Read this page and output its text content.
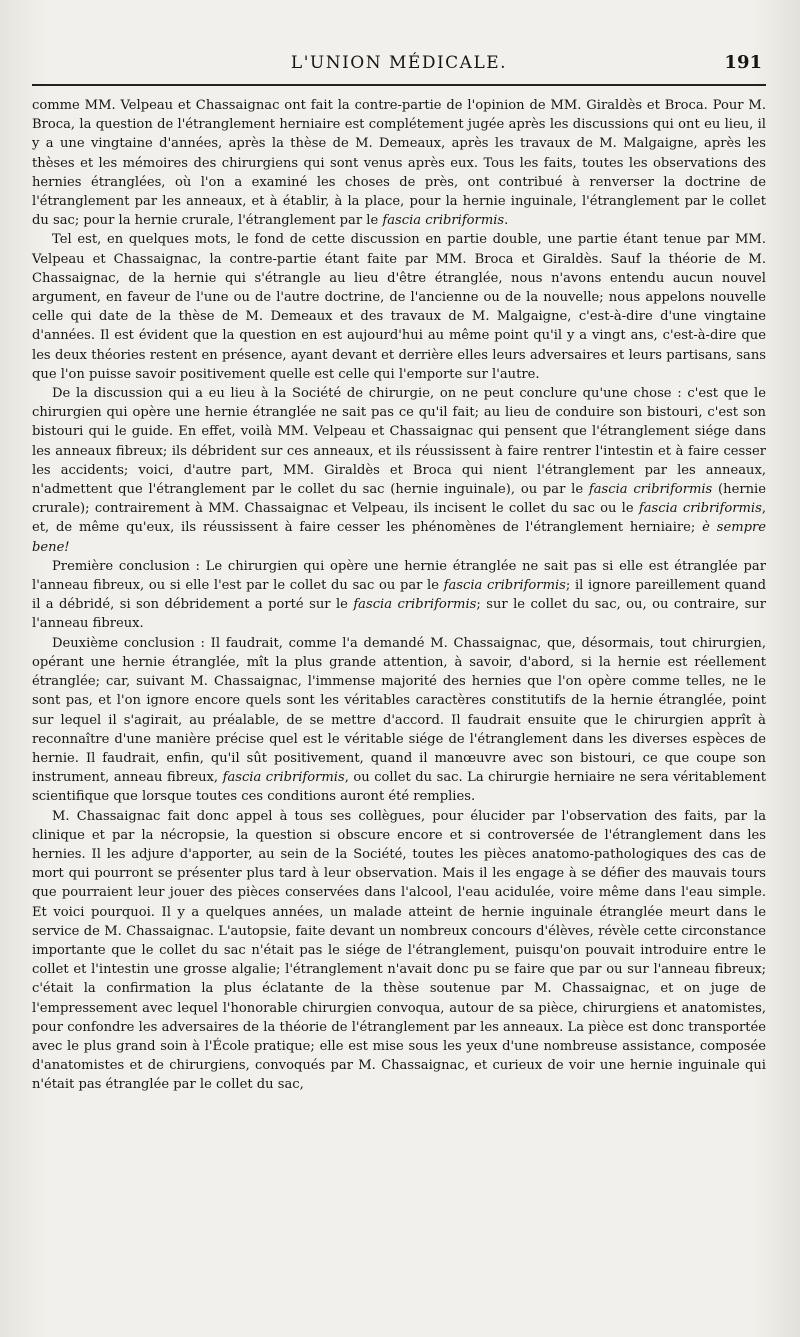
L'UNION MÉDICALE.	191

comme MM. Velpeau et Chassaignac ont fait la contre-partie de l'opinion de MM. Giraldès et Broca. Pour M. Broca, la question de l'étranglement herniaire est complétement jugée après les discussions qui ont eu lieu, il y a une vingtaine d'années, après la thèse de M. Demeaux, après les travaux de M. Malgaigne, après les thèses et les mémoires des chirurgiens qui sont venus après eux. Tous les faits, toutes les observations des hernies étranglées, où l'on a examiné les choses de près, ont contribué à renverser la doctrine de l'étranglement par les anneaux, et à établir, à la place, pour la hernie inguinale, l'étranglement par le collet du sac; pour la hernie crurale, l'étranglement par le fascia cribriformis.

Tel est, en quelques mots, le fond de cette discussion en partie double, une partie étant tenue par MM. Velpeau et Chassaignac, la contre-partie étant faite par MM. Broca et Giraldès. Sauf la théorie de M. Chassaignac, de la hernie qui s'étrangle au lieu d'être étranglée, nous n'avons entendu aucun nouvel argument, en faveur de l'une ou de l'autre doctrine, de l'ancienne ou de la nouvelle; nous appelons nouvelle celle qui date de la thèse de M. Demeaux et des travaux de M. Malgaigne, c'est-à-dire d'une vingtaine d'années. Il est évident que la question en est aujourd'hui au même point qu'il y a vingt ans, c'est-à-dire que les deux théories restent en présence, ayant devant et derrière elles leurs adversaires et leurs partisans, sans que l'on puisse savoir positivement quelle est celle qui l'emporte sur l'autre.

De la discussion qui a eu lieu à la Société de chirurgie, on ne peut conclure qu'une chose : c'est que le chirurgien qui opère une hernie étranglée ne sait pas ce qu'il fait; au lieu de conduire son bistouri, c'est son bistouri qui le guide. En effet, voilà MM. Velpeau et Chassaignac qui pensent que l'étranglement siége dans les anneaux fibreux; ils débrident sur ces anneaux, et ils réussissent à faire rentrer l'intestin et à faire cesser les accidents; voici, d'autre part, MM. Giraldès et Broca qui nient l'étranglement par les anneaux, n'admettent que l'étranglement par le collet du sac (hernie inguinale), ou par le fascia cribriformis (hernie crurale); contrairement à MM. Chassaignac et Velpeau, ils incisent le collet du sac ou le fascia cribriformis, et, de même qu'eux, ils réussissent à faire cesser les phénomènes de l'étranglement herniaire; è sempre bene!

Première conclusion : Le chirurgien qui opère une hernie étranglée ne sait pas si elle est étranglée par l'anneau fibreux, ou si elle l'est par le collet du sac ou par le fascia cribriformis; il ignore pareillement quand il a débridé, si son débridement a porté sur le fascia cribriformis; sur le collet du sac, ou, ou contraire, sur l'anneau fibreux.

Deuxième conclusion : Il faudrait, comme l'a demandé M. Chassaignac, que, désormais, tout chirurgien, opérant une hernie étranglée, mît la plus grande attention, à savoir, d'abord, si la hernie est réellement étranglée; car, suivant M. Chassaignac, l'immense majorité des hernies que l'on opère comme telles, ne le sont pas, et l'on ignore encore quels sont les véritables caractères constitutifs de la hernie étranglée, point sur lequel il s'agirait, au préalable, de se mettre d'accord. Il faudrait ensuite que le chirurgien apprît à reconnaître d'une manière précise quel est le véritable siége de l'étranglement dans les diverses espèces de hernie. Il faudrait, enfin, qu'il sût positivement, quand il manœuvre avec son bistouri, ce que coupe son instrument, anneau fibreux, fascia cribriformis, ou collet du sac. La chirurgie herniaire ne sera véritablement scientifique que lorsque toutes ces conditions auront été remplies.

M. Chassaignac fait donc appel à tous ses collègues, pour élucider par l'observation des faits, par la clinique et par la nécropsie, la question si obscure encore et si controversée de l'étranglement dans les hernies. Il les adjure d'apporter, au sein de la Société, toutes les pièces anatomo-pathologiques des cas de mort qui pourront se présenter plus tard à leur observation. Mais il les engage à se défier des mauvais tours que pourraient leur jouer des pièces conservées dans l'alcool, l'eau acidulée, voire même dans l'eau simple. Et voici pourquoi. Il y a quelques années, un malade atteint de hernie inguinale étranglée meurt dans le service de M. Chassaignac. L'autopsie, faite devant un nombreux concours d'élèves, révèle cette circonstance importante que le collet du sac n'était pas le siége de l'étranglement, puisqu'on pouvait introduire entre le collet et l'intestin une grosse algalie; l'étranglement n'avait donc pu se faire que par ou sur l'anneau fibreux; c'était la confirmation la plus éclatante de la thèse soutenue par M. Chassaignac, et on juge de l'empressement avec lequel l'honorable chirurgien convoqua, autour de sa pièce, chirurgiens et anatomistes, pour confondre les adversaires de la théorie de l'étranglement par les anneaux. La pièce est donc transportée avec le plus grand soin à l'École pratique; elle est mise sous les yeux d'une nombreuse assistance, composée d'anatomistes et de chirurgiens, convoqués par M. Chassaignac, et curieux de voir une hernie inguinale qui n'était pas étranglée par le collet du sac,
